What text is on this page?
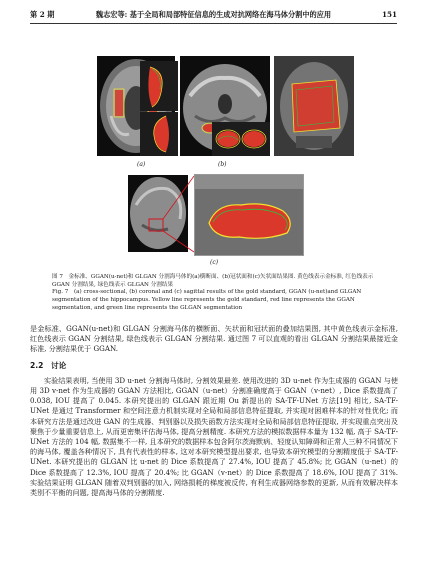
第 2 期	魏志宏等: 基于全局和局部特征信息的生成对抗网络在海马体分割中的应用	151
(a)	(b)
(c)

图 7　金标准、GGAN(u-net)和 GLGAN 分割海马体的(a)横断面、(b)冠状面和(c)矢状面结果图. 黄色线表示金标准, 红色线表示 GGAN 分割结果, 绿色线表示 GLGAN 分割结果

Fig. 7　(a) cross-sectional, (b) coronal and (c) sagittal results of the gold standard, GGAN (u-net)and GLGAN segmentation of the hippocampus. Yellow line represents the gold standard, red line represents the GGAN segmentation, and green line represents the GLGAN segmentation

是金标准、GGAN(u-net)和 GLGAN 分割海马体的横断面、矢状面和冠状面的叠加结果图, 其中黄色线表示金标准, 红色线表示 GGAN 分割结果, 绿色线表示 GLGAN 分割结果. 通过图 7 可以直观的看出 GLGAN 分割结果最接近金标准, 分割结果优于 GGAN.

2.2　讨论

实验结果表明, 当使用 3D u-net 分割海马体时, 分割效果最差. 使用改进的 3D u-net 作为生成器的 GGAN 与使用 3D v-net 作为生成器的 GGAN 方法相比, GGAN（u-net）分割准确度高于 GGAN（v-net）, Dice 系数提高了 0.038, IOU 提高了 0.045. 本研究提出的 GLGAN 跟近期 Ou 新提出的 SA-TF-UNet 方法[19] 相比, SA-TF-UNet 是通过 Transformer 和空间注意力机制实现对全局和局部信息特征提取, 并实现对困难样本的针对性优化; 而本研究方法是通过改进 GAN 的生成器、判别器以及损失函数方法实现对全局和局部信息特征提取, 并实现重点突出及聚焦于少量重要信息上, 从而更密集评估海马体, 提高分割精度. 本研究方法的模拟数据样本量为 132 幅, 高于 SA-TF-UNet 方法的 104 幅, 数据集不一样, 且本研究的数据样本包含阿尔茨海默病、轻度认知障碍和正常人三种不同情况下的海马体, 覆盖各种情况下, 具有代表性的样本, 这对本研究模型提出要求, 也导致本研究模型的分割精度低于 SA-TF-UNet. 本研究提出的 GLGAN 比 u-net 的 Dice 系数提高了 27.4%, IOU 提高了 45.8%; 比 GGAN（u-net）的 Dice 系数提高了 12.3%, IOU 提高了 20.4%; 比 GGAN（v-net）的 Dice 系数提高了 18.6%, IOU 提高了 31%. 实验结果证明 GLGAN 随着双判别器的加入, 网络损耗的梯度被反传, 有利生成器网络参数的更新, 从而有效解决样本类别不平衡的问题, 提高海马体的分割精度.
